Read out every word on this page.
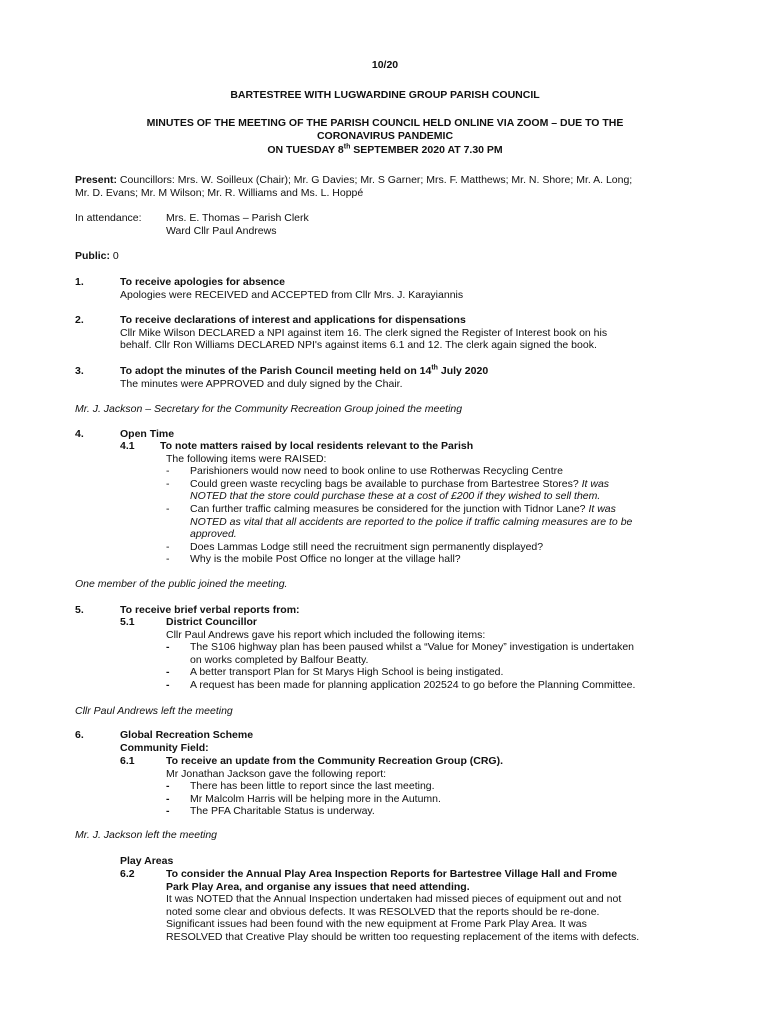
10/20
BARTESTREE WITH LUGWARDINE GROUP PARISH COUNCIL
MINUTES OF THE MEETING OF THE PARISH COUNCIL HELD ONLINE VIA ZOOM – DUE TO THE
CORONAVIRUS PANDEMIC
ON TUESDAY 8th SEPTEMBER 2020 AT 7.30 PM
Present: Councillors: Mrs. W. Soilleux (Chair); Mr. G Davies; Mr. S Garner; Mrs. F. Matthews; Mr. N. Shore; Mr. A. Long;
Mr. D. Evans; Mr. M Wilson; Mr. R. Williams and Ms. L. Hoppé
In attendance: Mrs. E. Thomas – Parish Clerk
Ward Cllr Paul Andrews
Public: 0
1.	To receive apologies for absence
Apologies were RECEIVED and ACCEPTED from Cllr Mrs. J. Karayiannis
2.	To receive declarations of interest and applications for dispensations
Cllr Mike Wilson DECLARED a NPI against item 16. The clerk signed the Register of Interest book on his
behalf. Cllr Ron Williams DECLARED NPI's against items 6.1 and 12. The clerk again signed the book.
3.	To adopt the minutes of the Parish Council meeting held on 14th July 2020
The minutes were APPROVED and duly signed by the Chair.
Mr. J. Jackson – Secretary for the Community Recreation Group joined the meeting
4.	Open Time
4.1 To note matters raised by local residents relevant to the Parish
The following items were RAISED:
- Parishioners would now need to book online to use Rotherwas Recycling Centre
- Could green waste recycling bags be available to purchase from Bartestree Stores? It was
NOTED that the store could purchase these at a cost of £200 if they wished to sell them.
- Can further traffic calming measures be considered for the junction with Tidnor Lane? It was
NOTED as vital that all accidents are reported to the police if traffic calming measures are to be
approved.
- Does Lammas Lodge still need the recruitment sign permanently displayed?
- Why is the mobile Post Office no longer at the village hall?
One member of the public joined the meeting.
5.	To receive brief verbal reports from:
5.1	District Councillor
Cllr Paul Andrews gave his report which included the following items:
- The S106 highway plan has been paused whilst a “Value for Money” investigation is undertaken
on works completed by Balfour Beatty.
- A better transport Plan for St Marys High School is being instigated.
- A request has been made for planning application 202524 to go before the Planning Committee.
Cllr Paul Andrews left the meeting
6.	Global Recreation Scheme
Community Field:
6.1	To receive an update from the Community Recreation Group (CRG).
Mr Jonathan Jackson gave the following report:
- There has been little to report since the last meeting.
- Mr Malcolm Harris will be helping more in the Autumn.
- The PFA Charitable Status is underway.
Mr. J. Jackson left the meeting
Play Areas
6.2	To consider the Annual Play Area Inspection Reports for Bartestree Village Hall and Frome
Park Play Area, and organise any issues that need attending.
It was NOTED that the Annual Inspection undertaken had missed pieces of equipment out and not
noted some clear and obvious defects. It was RESOLVED that the reports should be re-done.
Significant issues had been found with the new equipment at Frome Park Play Area. It was
RESOLVED that Creative Play should be written too requesting replacement of the items with defects.
